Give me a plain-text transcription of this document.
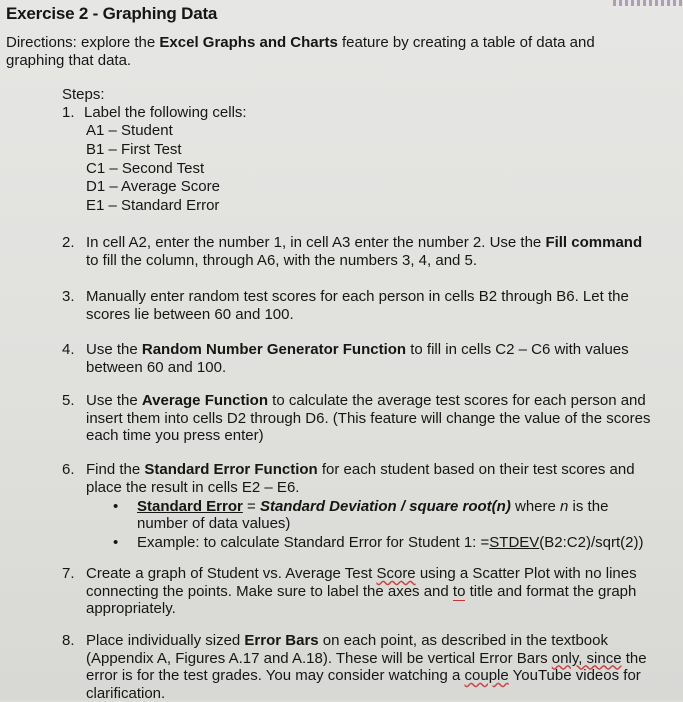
Exercise 2 - Graphing Data
Directions: explore the Excel Graphs and Charts feature by creating a table of data and graphing that data.
Steps:
1. Label the following cells:
A1 – Student
B1 – First Test
C1 – Second Test
D1 – Average Score
E1 – Standard Error
2. In cell A2, enter the number 1, in cell A3 enter the number 2. Use the Fill command to fill the column, through A6, with the numbers 3, 4, and 5.
3. Manually enter random test scores for each person in cells B2 through B6. Let the scores lie between 60 and 100.
4. Use the Random Number Generator Function to fill in cells C2 – C6 with values between 60 and 100.
5. Use the Average Function to calculate the average test scores for each person and insert them into cells D2 through D6. (This feature will change the value of the scores each time you press enter)
6. Find the Standard Error Function for each student based on their test scores and place the result in cells E2 – E6.
• Standard Error = Standard Deviation / square root(n) where n is the number of data values)
• Example: to calculate Standard Error for Student 1: =STDEV(B2:C2)/sqrt(2))
7. Create a graph of Student vs. Average Test Score using a Scatter Plot with no lines connecting the points. Make sure to label the axes and to title and format the graph appropriately.
8. Place individually sized Error Bars on each point, as described in the textbook (Appendix A, Figures A.17 and A.18). These will be vertical Error Bars only, since the error is for the test grades. You may consider watching a couple YouTube videos for clarification.
